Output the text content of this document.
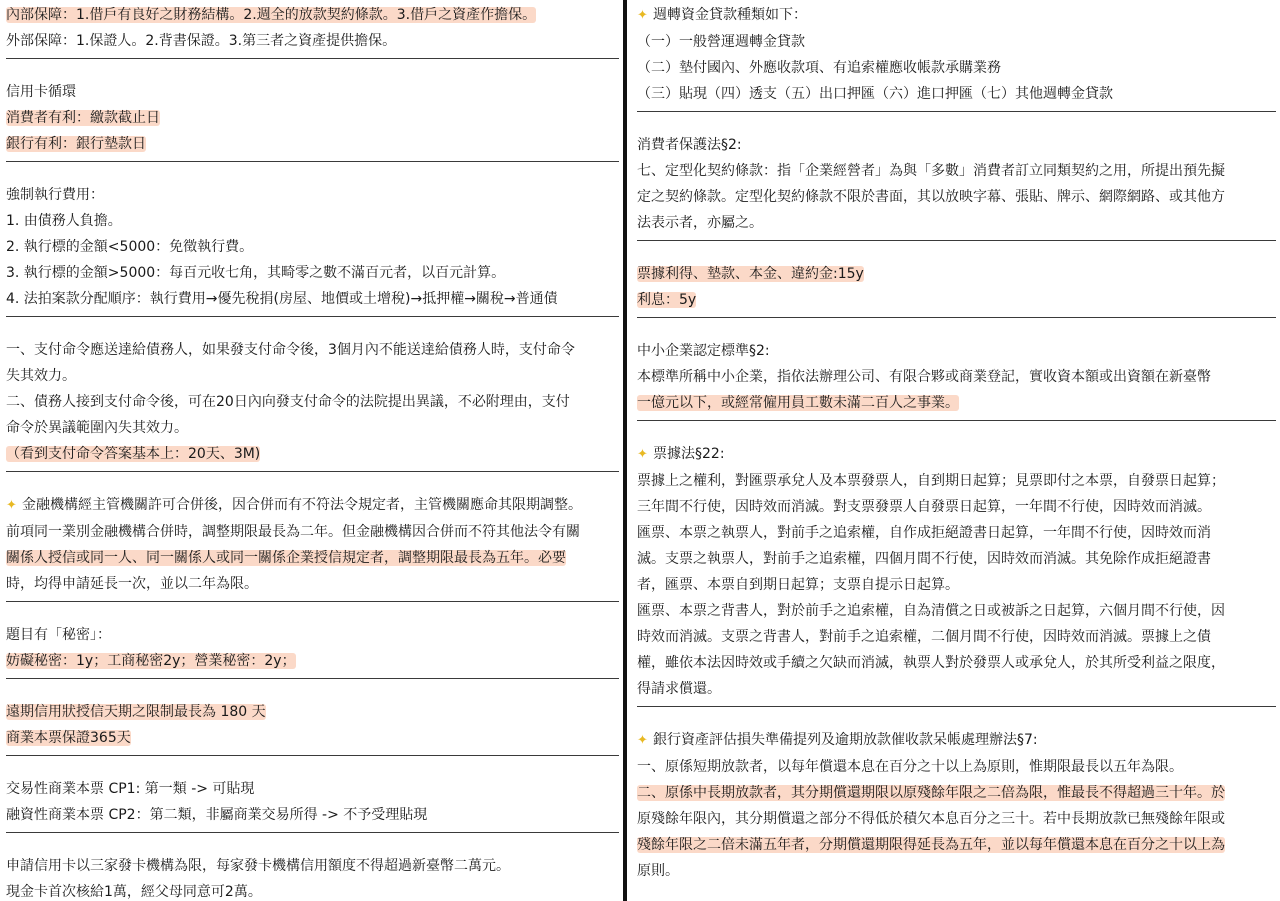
內部保障：1.借戶有良好之財務結構。2.週全的放款契約條款。3.借戶之資產作擔保。
外部保障：1.保證人。2.背書保證。3.第三者之資產提供擔保。
信用卡循環
消費者有利：繳款截止日
銀行有利：銀行墊款日
強制執行費用：
1. 由債務人負擔。
2. 執行標的金額<5000：免徵執行費。
3. 執行標的金額>5000：每百元收七角，其畸零之數不滿百元者，以百元計算。
4. 法拍案款分配順序：執行費用→優先稅捐(房屋、地價或土增稅)→抵押權→關稅→普通債
一、支付命令應送達給債務人，如果發支付命令後，3個月內不能送達給債務人時，支付命令
失其效力。
二、債務人接到支付命令後，可在20日內向發支付命令的法院提出異議，不必附理由，支付
命令於異議範圍內失其效力。
（看到支付命令答案基本上：20天、3M)
✦ 金融機構經主管機關許可合併後，因合併而有不符法令規定者，主管機關應命其限期調整。
前項同一業別金融機構合併時，調整期限最長為二年。但金融機構因合併而不符其他法令有關
關係人授信或同一人、同一關係人或同一關係企業授信規定者，調整期限最長為五年。必要
時，均得申請延長一次，並以二年為限。
題目有「秘密」：
妨礙秘密：1y；工商秘密2y；營業秘密：2y；
遠期信用狀授信天期之限制最長為 180 天
商業本票保證365天
交易性商業本票 CP1: 第一類 -> 可貼現
融資性商業本票 CP2：第二類，非屬商業交易所得 -> 不予受理貼現
申請信用卡以三家發卡機構為限，每家發卡機構信用額度不得超過新臺幣二萬元。
現金卡首次核給1萬，經父母同意可2萬。
✦ 週轉資金貸款種類如下：
（一）一般營運週轉金貸款
（二）墊付國內、外應收款項、有追索權應收帳款承購業務
（三）貼現（四）透支（五）出口押匯（六）進口押匯（七）其他週轉金貸款
消費者保護法§2:
七、定型化契約條款：指「企業經營者」為與「多數」消費者訂立同類契約之用，所提出預先擬
定之契約條款。定型化契約條款不限於書面，其以放映字幕、張貼、牌示、網際網路、或其他方
法表示者，亦屬之。
票據利得、墊款、本金、違約金:15y
利息：5y
中小企業認定標準§2:
本標準所稱中小企業，指依法辦理公司、有限合夥或商業登記，實收資本額或出資額在新臺幣
一億元以下，或經常僱用員工數未滿二百人之事業。
✦ 票據法§22:
票據上之權利，對匯票承兌人及本票發票人，自到期日起算；見票即付之本票，自發票日起算；
三年間不行使，因時效而消滅。對支票發票人自發票日起算，一年間不行使，因時效而消滅。
匯票、本票之執票人，對前手之追索權，自作成拒絕證書日起算，一年間不行使，因時效而消
滅。支票之執票人，對前手之追索權，四個月間不行使，因時效而消滅。其免除作成拒絕證書
者，匯票、本票自到期日起算；支票自提示日起算。
匯票、本票之背書人，對於前手之追索權，自為清償之日或被訴之日起算，六個月間不行使，因
時效而消滅。支票之背書人，對前手之追索權，二個月間不行使，因時效而消滅。票據上之債
權，雖依本法因時效或手續之欠缺而消滅，執票人對於發票人或承兌人，於其所受利益之限度，
得請求償還。
✦ 銀行資產評估損失準備提列及逾期放款催收款呆帳處理辦法§7:
一、原係短期放款者，以每年償還本息在百分之十以上為原則，惟期限最長以五年為限。
二、原係中長期放款者，其分期償還期限以原殘餘年限之二倍為限，惟最長不得超過三十年。於
原殘餘年限內，其分期償還之部分不得低於積欠本息百分之三十。若中長期放款已無殘餘年限或
殘餘年限之二倍未滿五年者，分期償還期限得延長為五年，並以每年償還本息在百分之十以上為
原則。
